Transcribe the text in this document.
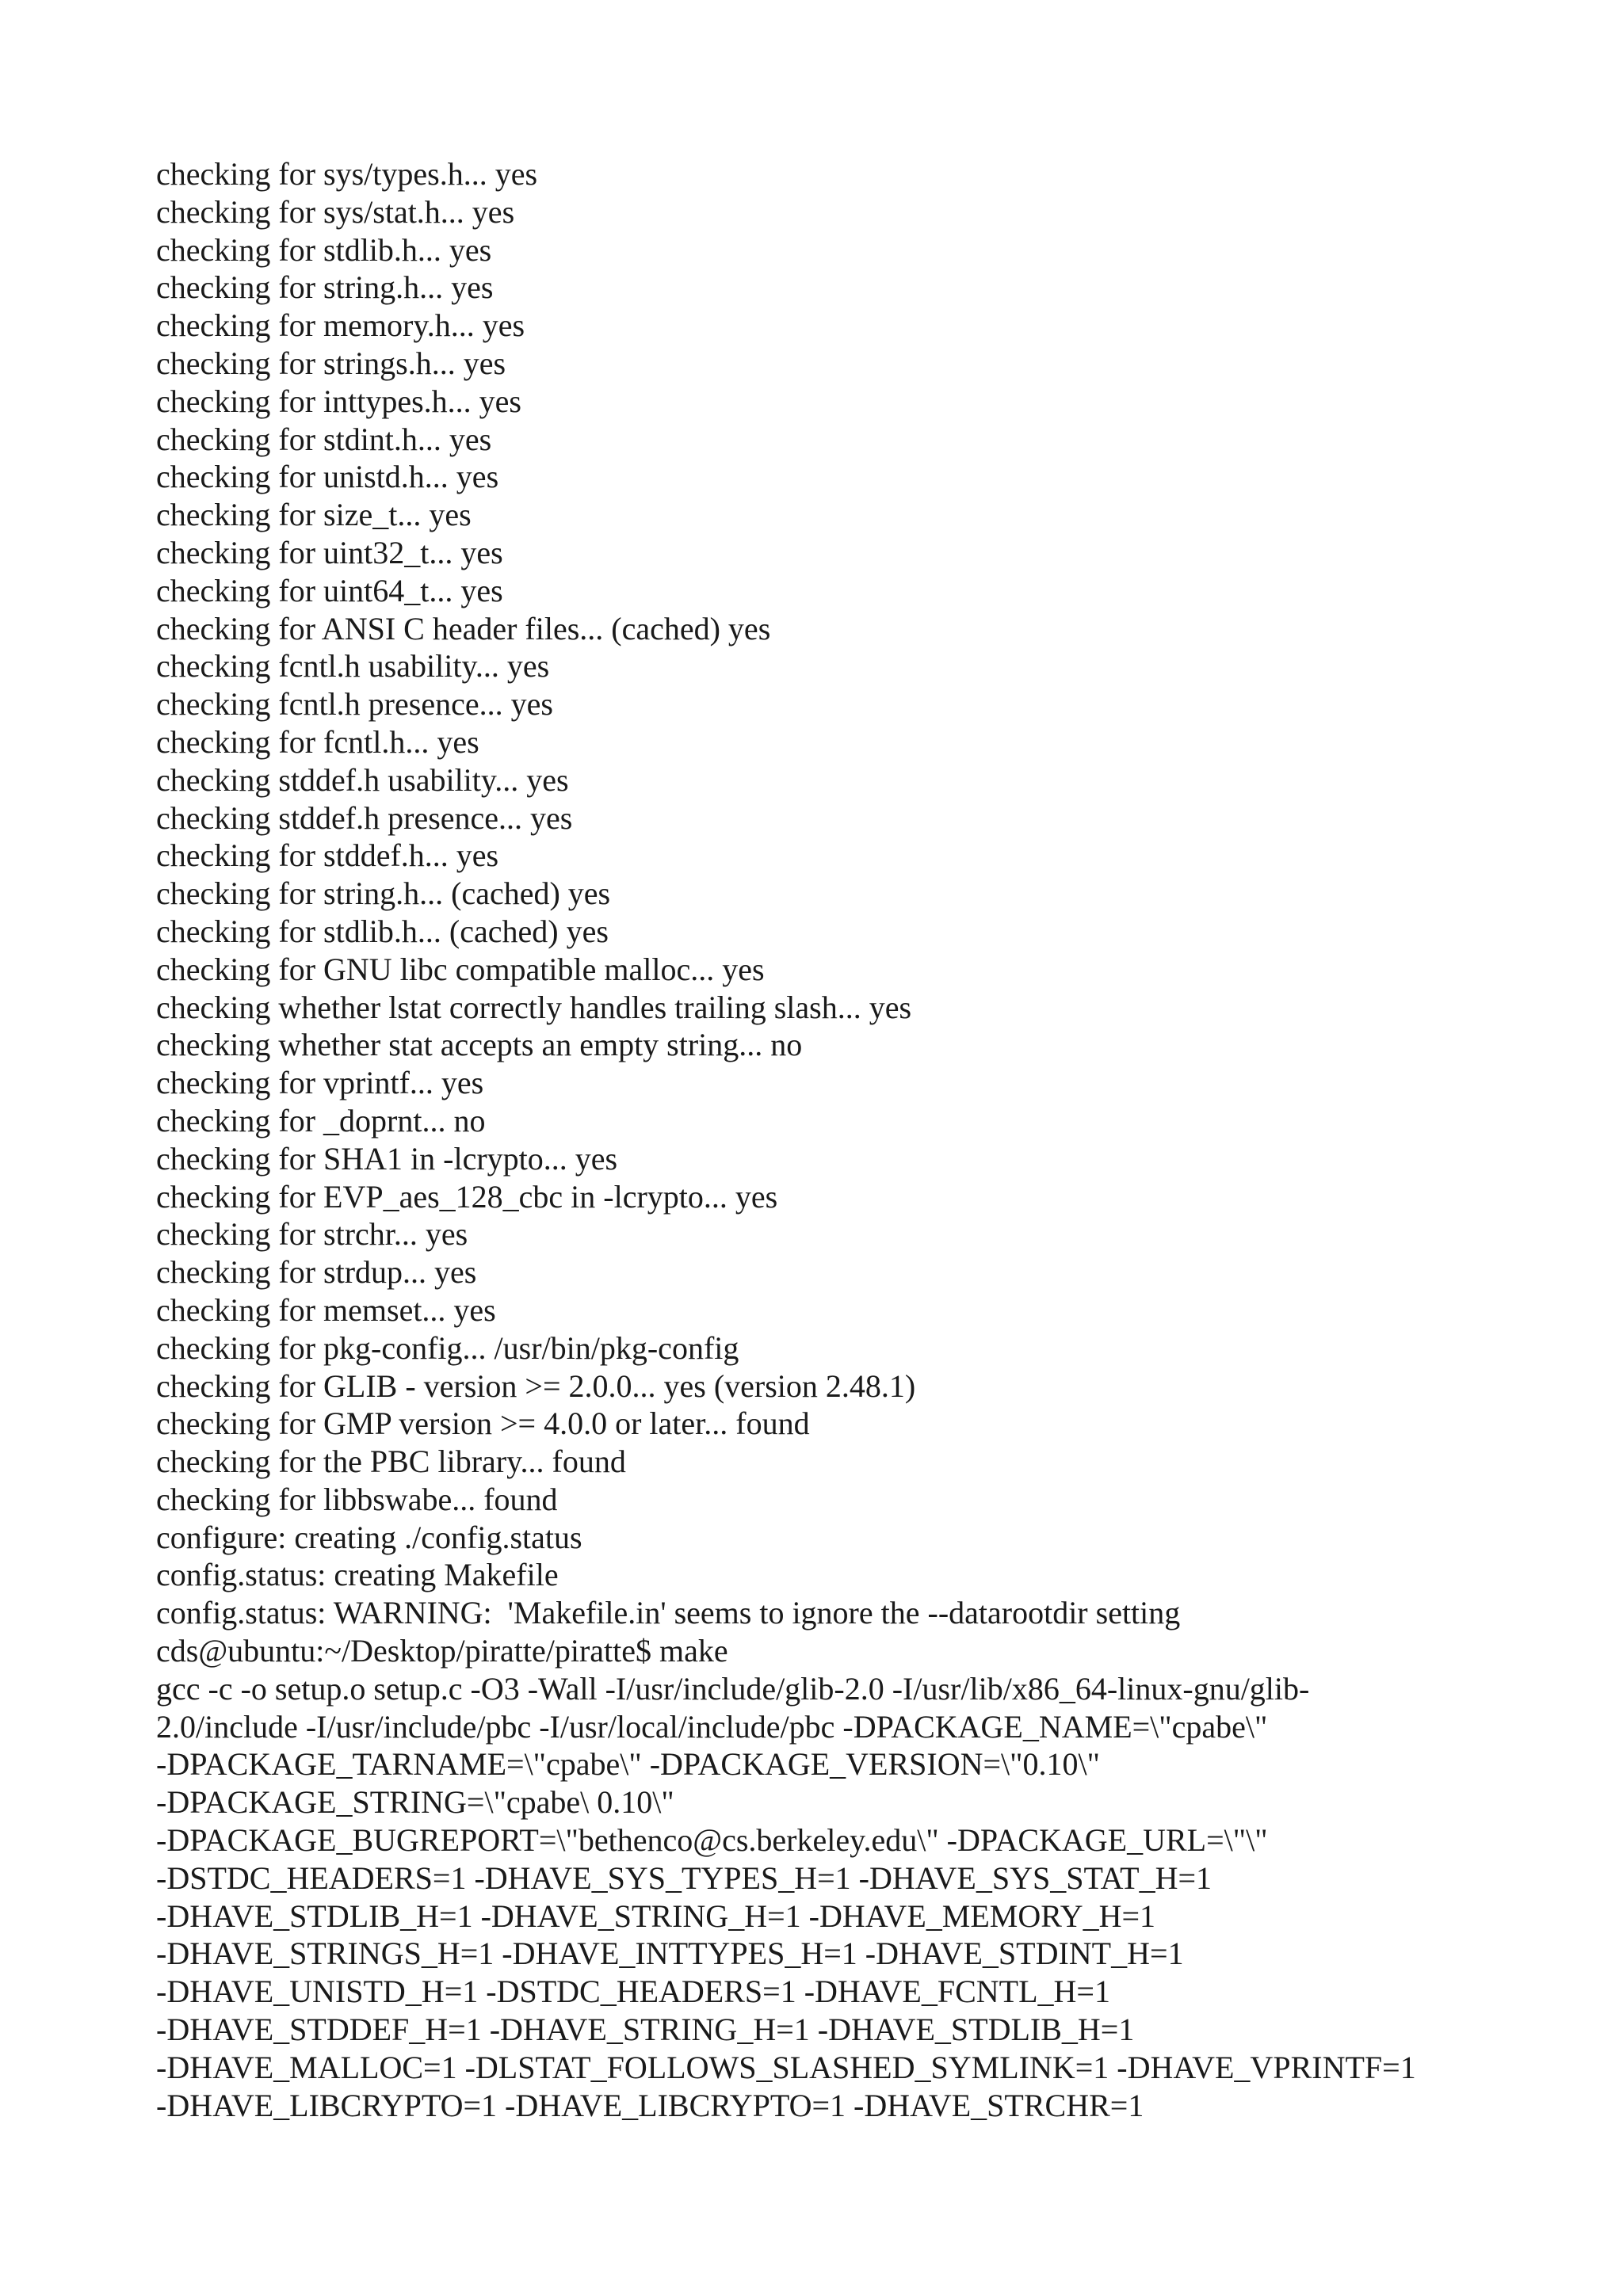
checking for sys/types.h... yes
checking for sys/stat.h... yes
checking for stdlib.h... yes
checking for string.h... yes
checking for memory.h... yes
checking for strings.h... yes
checking for inttypes.h... yes
checking for stdint.h... yes
checking for unistd.h... yes
checking for size_t... yes
checking for uint32_t... yes
checking for uint64_t... yes
checking for ANSI C header files... (cached) yes
checking fcntl.h usability... yes
checking fcntl.h presence... yes
checking for fcntl.h... yes
checking stddef.h usability... yes
checking stddef.h presence... yes
checking for stddef.h... yes
checking for string.h... (cached) yes
checking for stdlib.h... (cached) yes
checking for GNU libc compatible malloc... yes
checking whether lstat correctly handles trailing slash... yes
checking whether stat accepts an empty string... no
checking for vprintf... yes
checking for _doprnt... no
checking for SHA1 in -lcrypto... yes
checking for EVP_aes_128_cbc in -lcrypto... yes
checking for strchr... yes
checking for strdup... yes
checking for memset... yes
checking for pkg-config... /usr/bin/pkg-config
checking for GLIB - version >= 2.0.0... yes (version 2.48.1)
checking for GMP version >= 4.0.0 or later... found
checking for the PBC library... found
checking for libbswabe... found
configure: creating ./config.status
config.status: creating Makefile
config.status: WARNING:  'Makefile.in' seems to ignore the --datarootdir setting
cds@ubuntu:~/Desktop/piratte/piratte$ make
gcc -c -o setup.o setup.c -O3 -Wall -I/usr/include/glib-2.0 -I/usr/lib/x86_64-linux-gnu/glib-
2.0/include -I/usr/include/pbc -I/usr/local/include/pbc -DPACKAGE_NAME=\"cpabe\"
-DPACKAGE_TARNAME=\"cpabe\" -DPACKAGE_VERSION=\"0.10\"
-DPACKAGE_STRING=\"cpabe\ 0.10\"
-DPACKAGE_BUGREPORT=\"bethenco@cs.berkeley.edu\" -DPACKAGE_URL=\"\"
-DSTDC_HEADERS=1 -DHAVE_SYS_TYPES_H=1 -DHAVE_SYS_STAT_H=1
-DHAVE_STDLIB_H=1 -DHAVE_STRING_H=1 -DHAVE_MEMORY_H=1
-DHAVE_STRINGS_H=1 -DHAVE_INTTYPES_H=1 -DHAVE_STDINT_H=1
-DHAVE_UNISTD_H=1 -DSTDC_HEADERS=1 -DHAVE_FCNTL_H=1
-DHAVE_STDDEF_H=1 -DHAVE_STRING_H=1 -DHAVE_STDLIB_H=1
-DHAVE_MALLOC=1 -DLSTAT_FOLLOWS_SLASHED_SYMLINK=1 -DHAVE_VPRINTF=1
-DHAVE_LIBCRYPTO=1 -DHAVE_LIBCRYPTO=1 -DHAVE_STRCHR=1
